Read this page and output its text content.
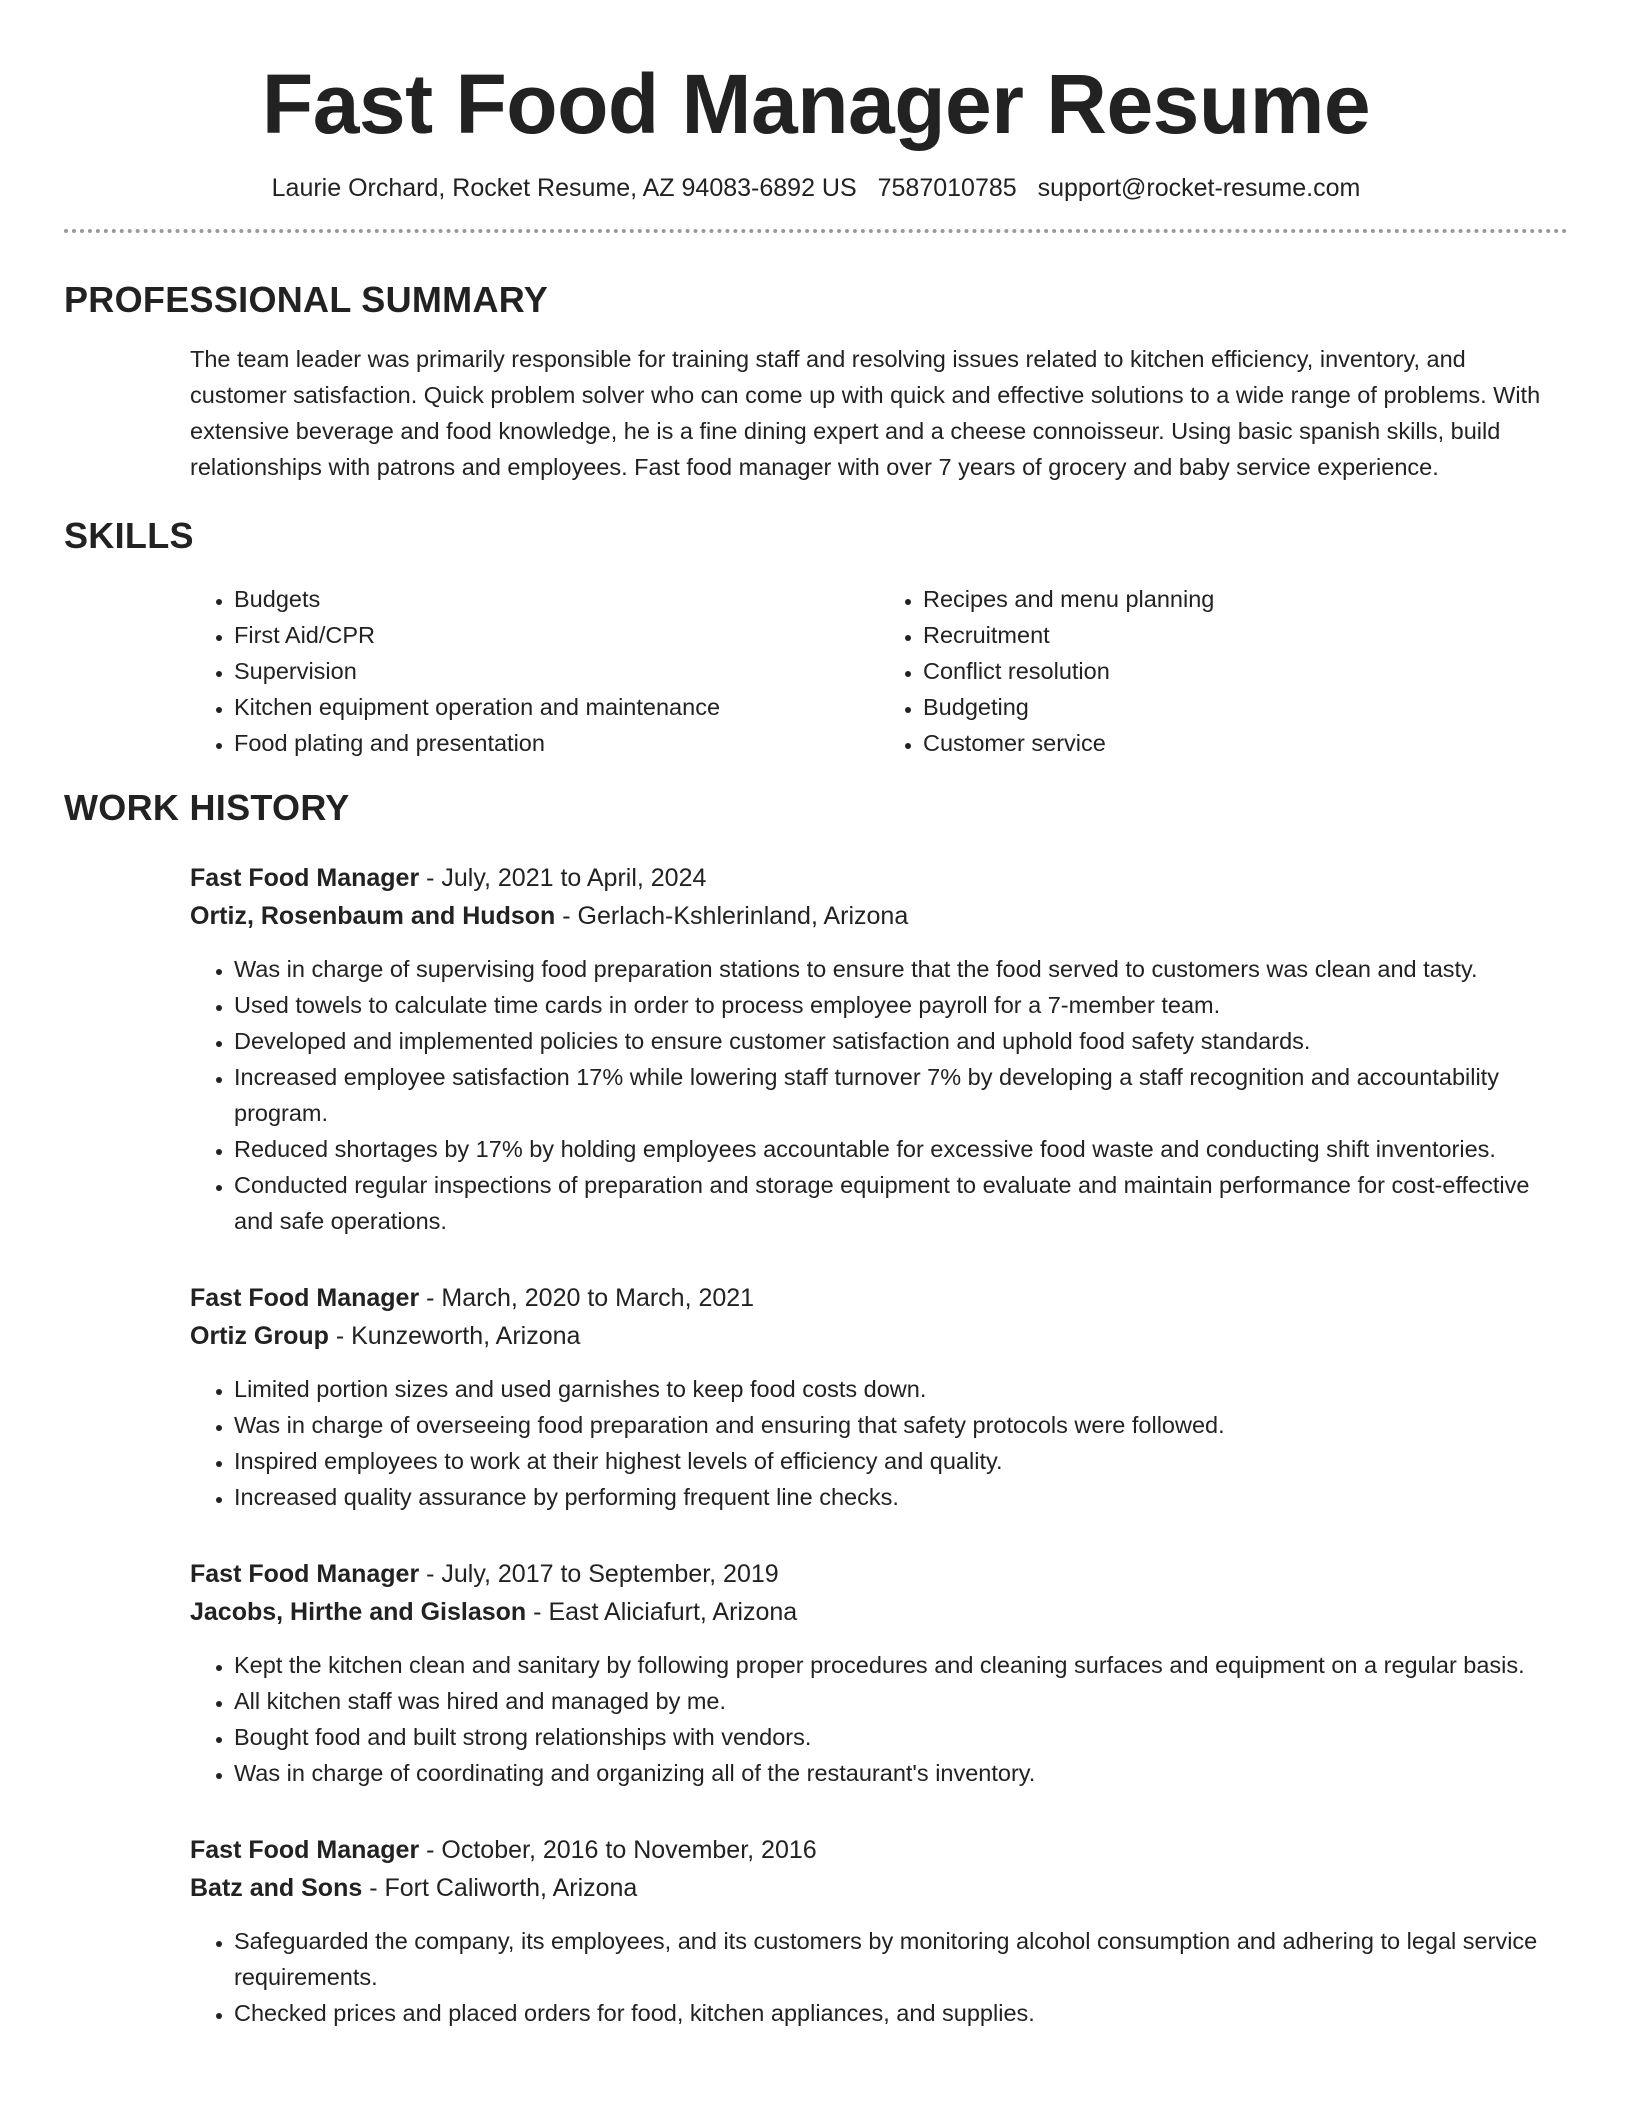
Fast Food Manager Resume
Laurie Orchard, Rocket Resume, AZ 94083-6892 US 7587010785 support@rocket-resume.com
PROFESSIONAL SUMMARY

The team leader was primarily responsible for training staff and resolving issues related to kitchen efficiency, inventory, and customer satisfaction. Quick problem solver who can come up with quick and effective solutions to a wide range of problems. With extensive beverage and food knowledge, he is a fine dining expert and a cheese connoisseur. Using basic spanish skills, build relationships with patrons and employees. Fast food manager with over 7 years of grocery and baby service experience.

SKILLS
• Budgets
• First Aid/CPR
• Supervision
• Kitchen equipment operation and maintenance
• Food plating and presentation
• Recipes and menu planning
• Recruitment
• Conflict resolution
• Budgeting
• Customer service
WORK HISTORY

Fast Food Manager - July, 2021 to April, 2024

Ortiz, Rosenbaum and Hudson - Gerlach-Kshlerinland, Arizona

• Was in charge of supervising food preparation stations to ensure that the food served to customers was clean and tasty.
• Used towels to calculate time cards in order to process employee payroll for a 7-member team.
• Developed and implemented policies to ensure customer satisfaction and uphold food safety standards.
• Increased employee satisfaction 17% while lowering staff turnover 7% by developing a staff recognition and accountability program.
• Reduced shortages by 17% by holding employees accountable for excessive food waste and conducting shift inventories.
• Conducted regular inspections of preparation and storage equipment to evaluate and maintain performance for cost-effective and safe operations.

Fast Food Manager - March, 2020 to March, 2021

Ortiz Group - Kunzeworth, Arizona

• Limited portion sizes and used garnishes to keep food costs down.
• Was in charge of overseeing food preparation and ensuring that safety protocols were followed.
• Inspired employees to work at their highest levels of efficiency and quality.
• Increased quality assurance by performing frequent line checks.

Fast Food Manager - July, 2017 to September, 2019

Jacobs, Hirthe and Gislason - East Aliciafurt, Arizona

• Kept the kitchen clean and sanitary by following proper procedures and cleaning surfaces and equipment on a regular basis.
• All kitchen staff was hired and managed by me.
• Bought food and built strong relationships with vendors.
• Was in charge of coordinating and organizing all of the restaurant's inventory.

Fast Food Manager - October, 2016 to November, 2016

Batz and Sons - Fort Caliworth, Arizona

• Safeguarded the company, its employees, and its customers by monitoring alcohol consumption and adhering to legal service requirements.
• Checked prices and placed orders for food, kitchen appliances, and supplies.
